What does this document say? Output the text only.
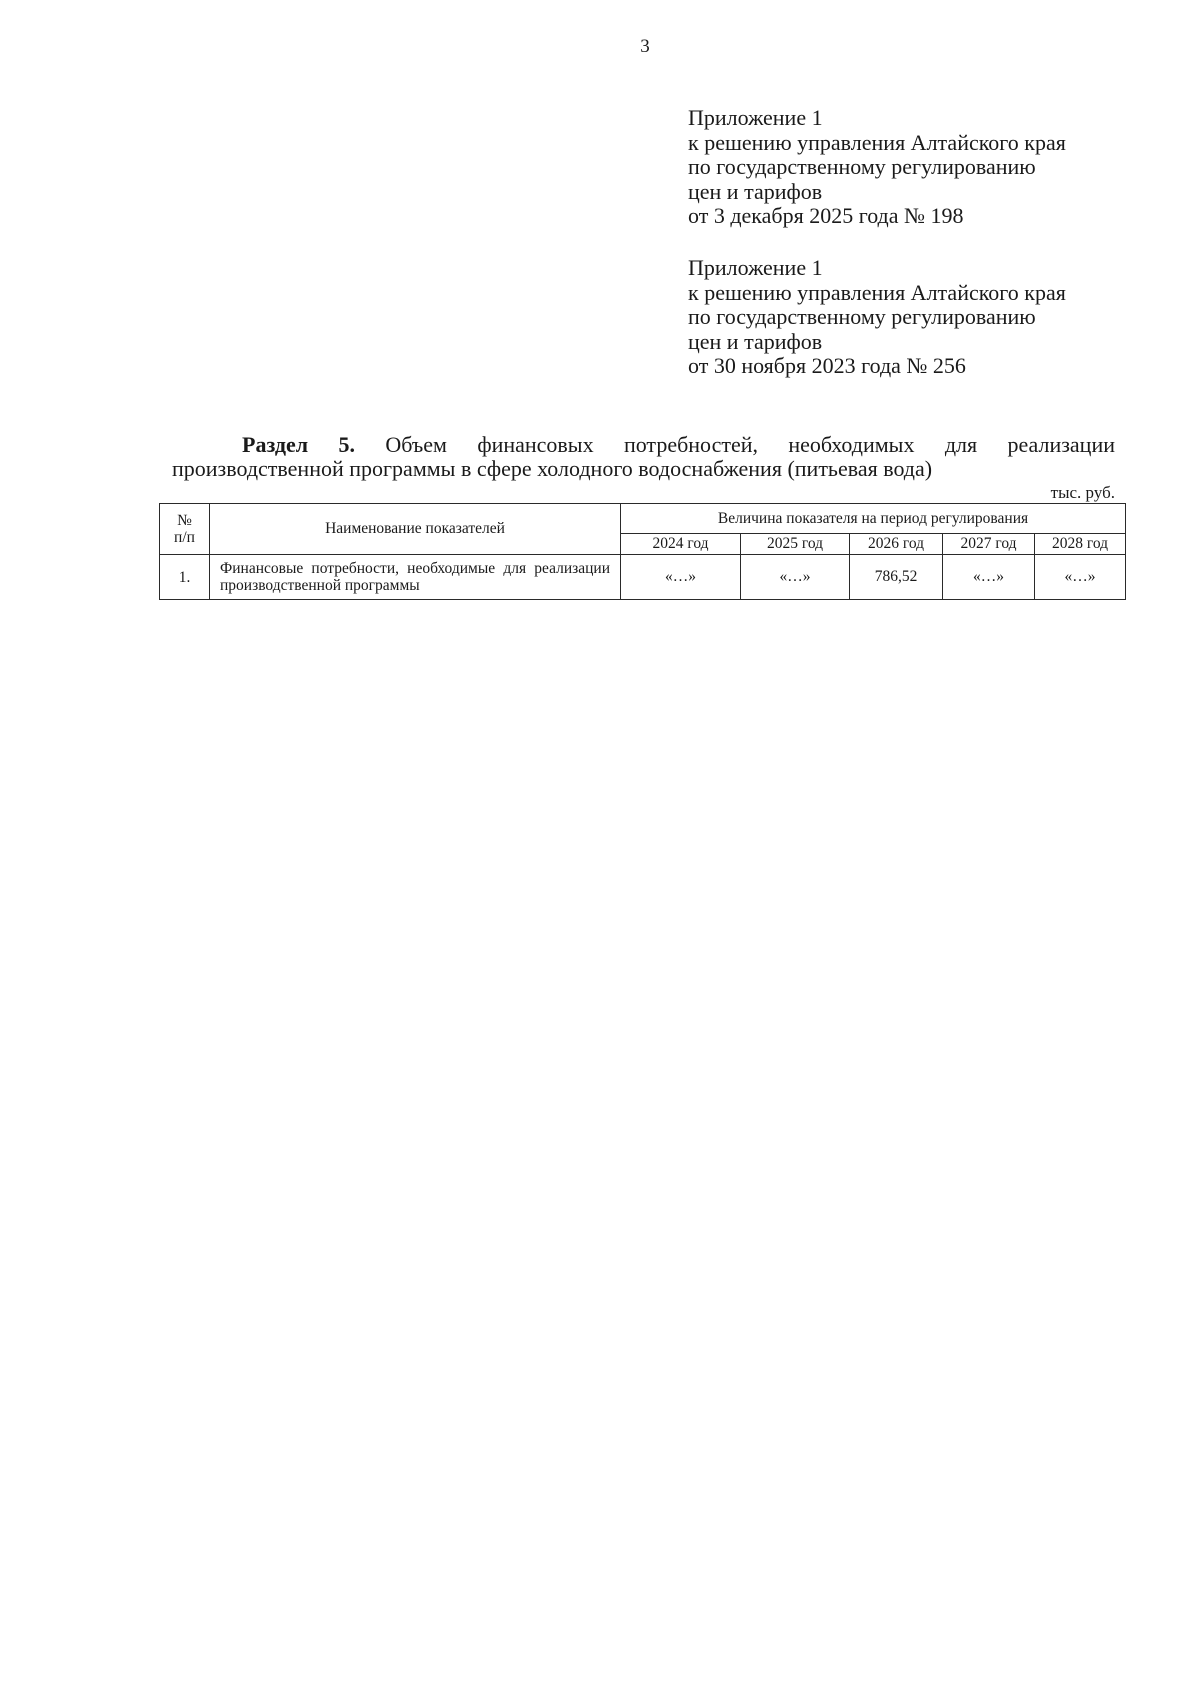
3
Приложение 1
к решению управления Алтайского края
по государственному регулированию
цен и тарифов
от 3 декабря 2025 года № 198
Приложение 1
к решению управления Алтайского края
по государственному регулированию
цен и тарифов
от 30 ноября 2023 года № 256
Раздел 5. Объем финансовых потребностей, необходимых для реализации
производственной программы в сфере холодного водоснабжения (питьевая вода)
тыс. руб.
№
п/п	Наименование показателей	Величина показателя на период регулирования				
		2024 год	2025 год	2026 год	2027 год	2028 год
1.	Финансовые потребности, необходимые для реализации производственной программы	«…»	«…»	786,52	«…»	«…»
